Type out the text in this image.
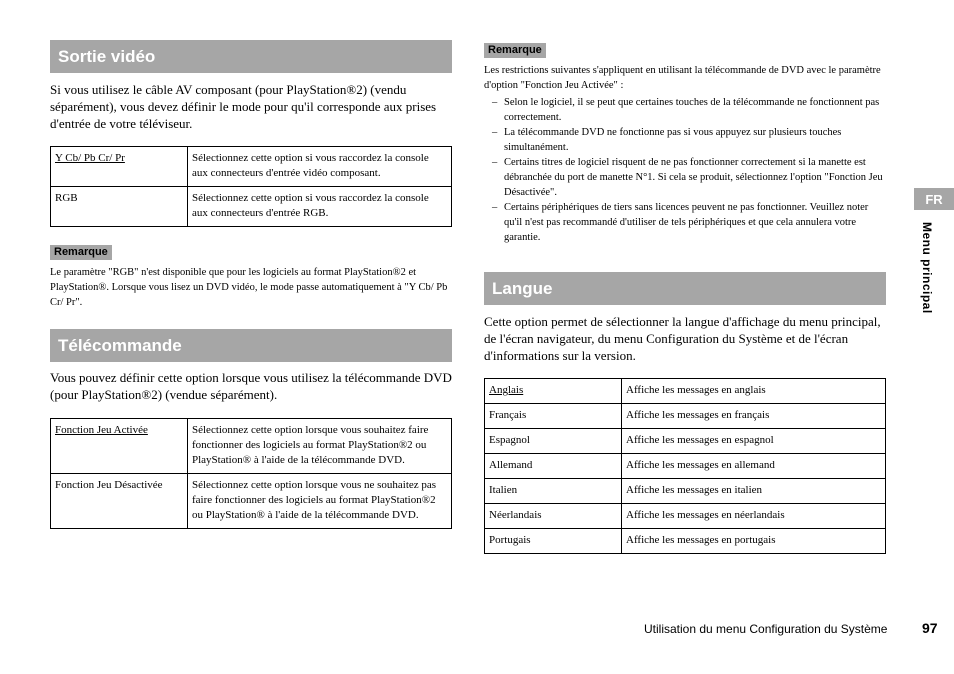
Sortie vidéo

Si vous utilisez le câble AV composant (pour PlayStation®2) (vendu séparément), vous devez définir le mode pour qu'il corresponde aux prises d'entrée de votre téléviseur.

Y Cb/ Pb Cr/ Pr	Sélectionnez cette option si vous raccordez la console aux connecteurs d'entrée vidéo composant.
RGB	Sélectionnez cette option si vous raccordez la console aux connecteurs d'entrée RGB.
Remarque

Le paramètre "RGB" n'est disponible que pour les logiciels au format PlayStation®2 et PlayStation®. Lorsque vous lisez un DVD vidéo, le mode passe automatiquement à "Y Cb/ Pb Cr/ Pr".

Télécommande

Vous pouvez définir cette option lorsque vous utilisez la télécommande DVD (pour PlayStation®2) (vendue séparément).

Fonction Jeu Activée	Sélectionnez cette option lorsque vous souhaitez faire fonctionner des logiciels au format PlayStation®2 ou PlayStation® à l'aide de la télécommande DVD.
Fonction Jeu Désactivée	Sélectionnez cette option lorsque vous ne souhaitez pas faire fonctionner des logiciels au format PlayStation®2 ou PlayStation® à l'aide de la télécommande DVD.
Remarque

Les restrictions suivantes s'appliquent en utilisant la télécommande de DVD avec le paramètre d'option "Fonction Jeu Activée" :

– Selon le logiciel, il se peut que certaines touches de la télécommande ne fonctionnent pas correctement.
– La télécommande DVD ne fonctionne pas si vous appuyez sur plusieurs touches simultanément.
– Certains titres de logiciel risquent de ne pas fonctionner correctement si la manette est débranchée du port de manette N°1. Si cela se produit, sélectionnez l'option "Fonction Jeu Désactivée".
– Certains périphériques de tiers sans licences peuvent ne pas fonctionner. Veuillez noter qu'il n'est pas recommandé d'utiliser de tels périphériques et que cela annulera votre garantie.
Langue

Cette option permet de sélectionner la langue d'affichage du menu principal, de l'écran navigateur, du menu Configuration du Système et de l'écran d'informations sur la version.

Anglais	Affiche les messages en anglais
Français	Affiche les messages en français
Espagnol	Affiche les messages en espagnol
Allemand	Affiche les messages en allemand
Italien	Affiche les messages en italien
Néerlandais	Affiche les messages en néerlandais
Portugais	Affiche les messages en portugais
FR
Menu principal
Utilisation du menu Configuration du Système 97
